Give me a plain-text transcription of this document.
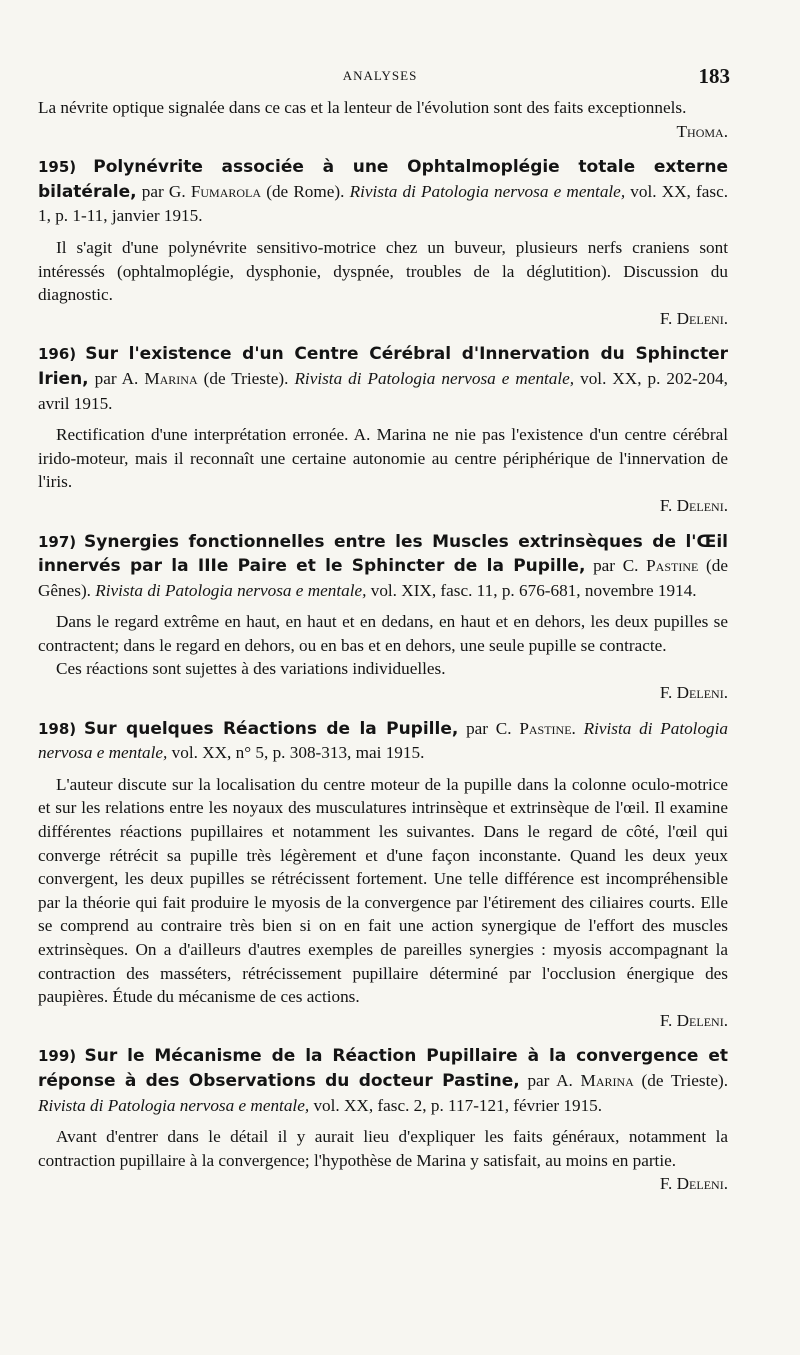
ANALYSES	183

La névrite optique signalée dans ce cas et la lenteur de l'évolution sont des faits exceptionnels.

Thoma.

195) Polynévrite associée à une Ophtalmoplégie totale externe bilatérale, par G. Fumarola (de Rome). Rivista di Patologia nervosa e mentale, vol. XX, fasc. 1, p. 1-11, janvier 1915.

Il s'agit d'une polynévrite sensitivo-motrice chez un buveur, plusieurs nerfs craniens sont intéressés (ophtalmoplégie, dysphonie, dyspnée, troubles de la déglutition). Discussion du diagnostic.

F. Deleni.

196) Sur l'existence d'un Centre Cérébral d'Innervation du Sphincter Irien, par A. Marina (de Trieste). Rivista di Patologia nervosa e mentale, vol. XX, p. 202-204, avril 1915.

Rectification d'une interprétation erronée. A. Marina ne nie pas l'existence d'un centre cérébral irido-moteur, mais il reconnaît une certaine autonomie au centre périphérique de l'innervation de l'iris.

F. Deleni.

197) Synergies fonctionnelles entre les Muscles extrinsèques de l'Œil innervés par la IIIe Paire et le Sphincter de la Pupille, par C. Pastine (de Gênes). Rivista di Patologia nervosa e mentale, vol. XIX, fasc. 11, p. 676-681, novembre 1914.

Dans le regard extrême en haut, en haut et en dedans, en haut et en dehors, les deux pupilles se contractent; dans le regard en dehors, ou en bas et en dehors, une seule pupille se contracte.

Ces réactions sont sujettes à des variations individuelles.

F. Deleni.

198) Sur quelques Réactions de la Pupille, par C. Pastine. Rivista di Patologia nervosa e mentale, vol. XX, n° 5, p. 308-313, mai 1915.

L'auteur discute sur la localisation du centre moteur de la pupille dans la colonne oculo-motrice et sur les relations entre les noyaux des musculatures intrinsèque et extrinsèque de l'œil. Il examine différentes réactions pupillaires et notamment les suivantes. Dans le regard de côté, l'œil qui converge rétrécit sa pupille très légèrement et d'une façon inconstante. Quand les deux yeux convergent, les deux pupilles se rétrécissent fortement. Une telle différence est incompréhensible par la théorie qui fait produire le myosis de la convergence par l'étirement des ciliaires courts. Elle se comprend au contraire très bien si on en fait une action synergique de l'effort des muscles extrinsèques. On a d'ailleurs d'autres exemples de pareilles synergies : myosis accompagnant la contraction des masséters, rétrécissement pupillaire déterminé par l'occlusion énergique des paupières. Étude du mécanisme de ces actions.

F. Deleni.

199) Sur le Mécanisme de la Réaction Pupillaire à la convergence et réponse à des Observations du docteur Pastine, par A. Marina (de Trieste). Rivista di Patologia nervosa e mentale, vol. XX, fasc. 2, p. 117-121, février 1915.

Avant d'entrer dans le détail il y aurait lieu d'expliquer les faits généraux, notamment la contraction pupillaire à la convergence; l'hypothèse de Marina y satisfait, au moins en partie.

F. Deleni.
